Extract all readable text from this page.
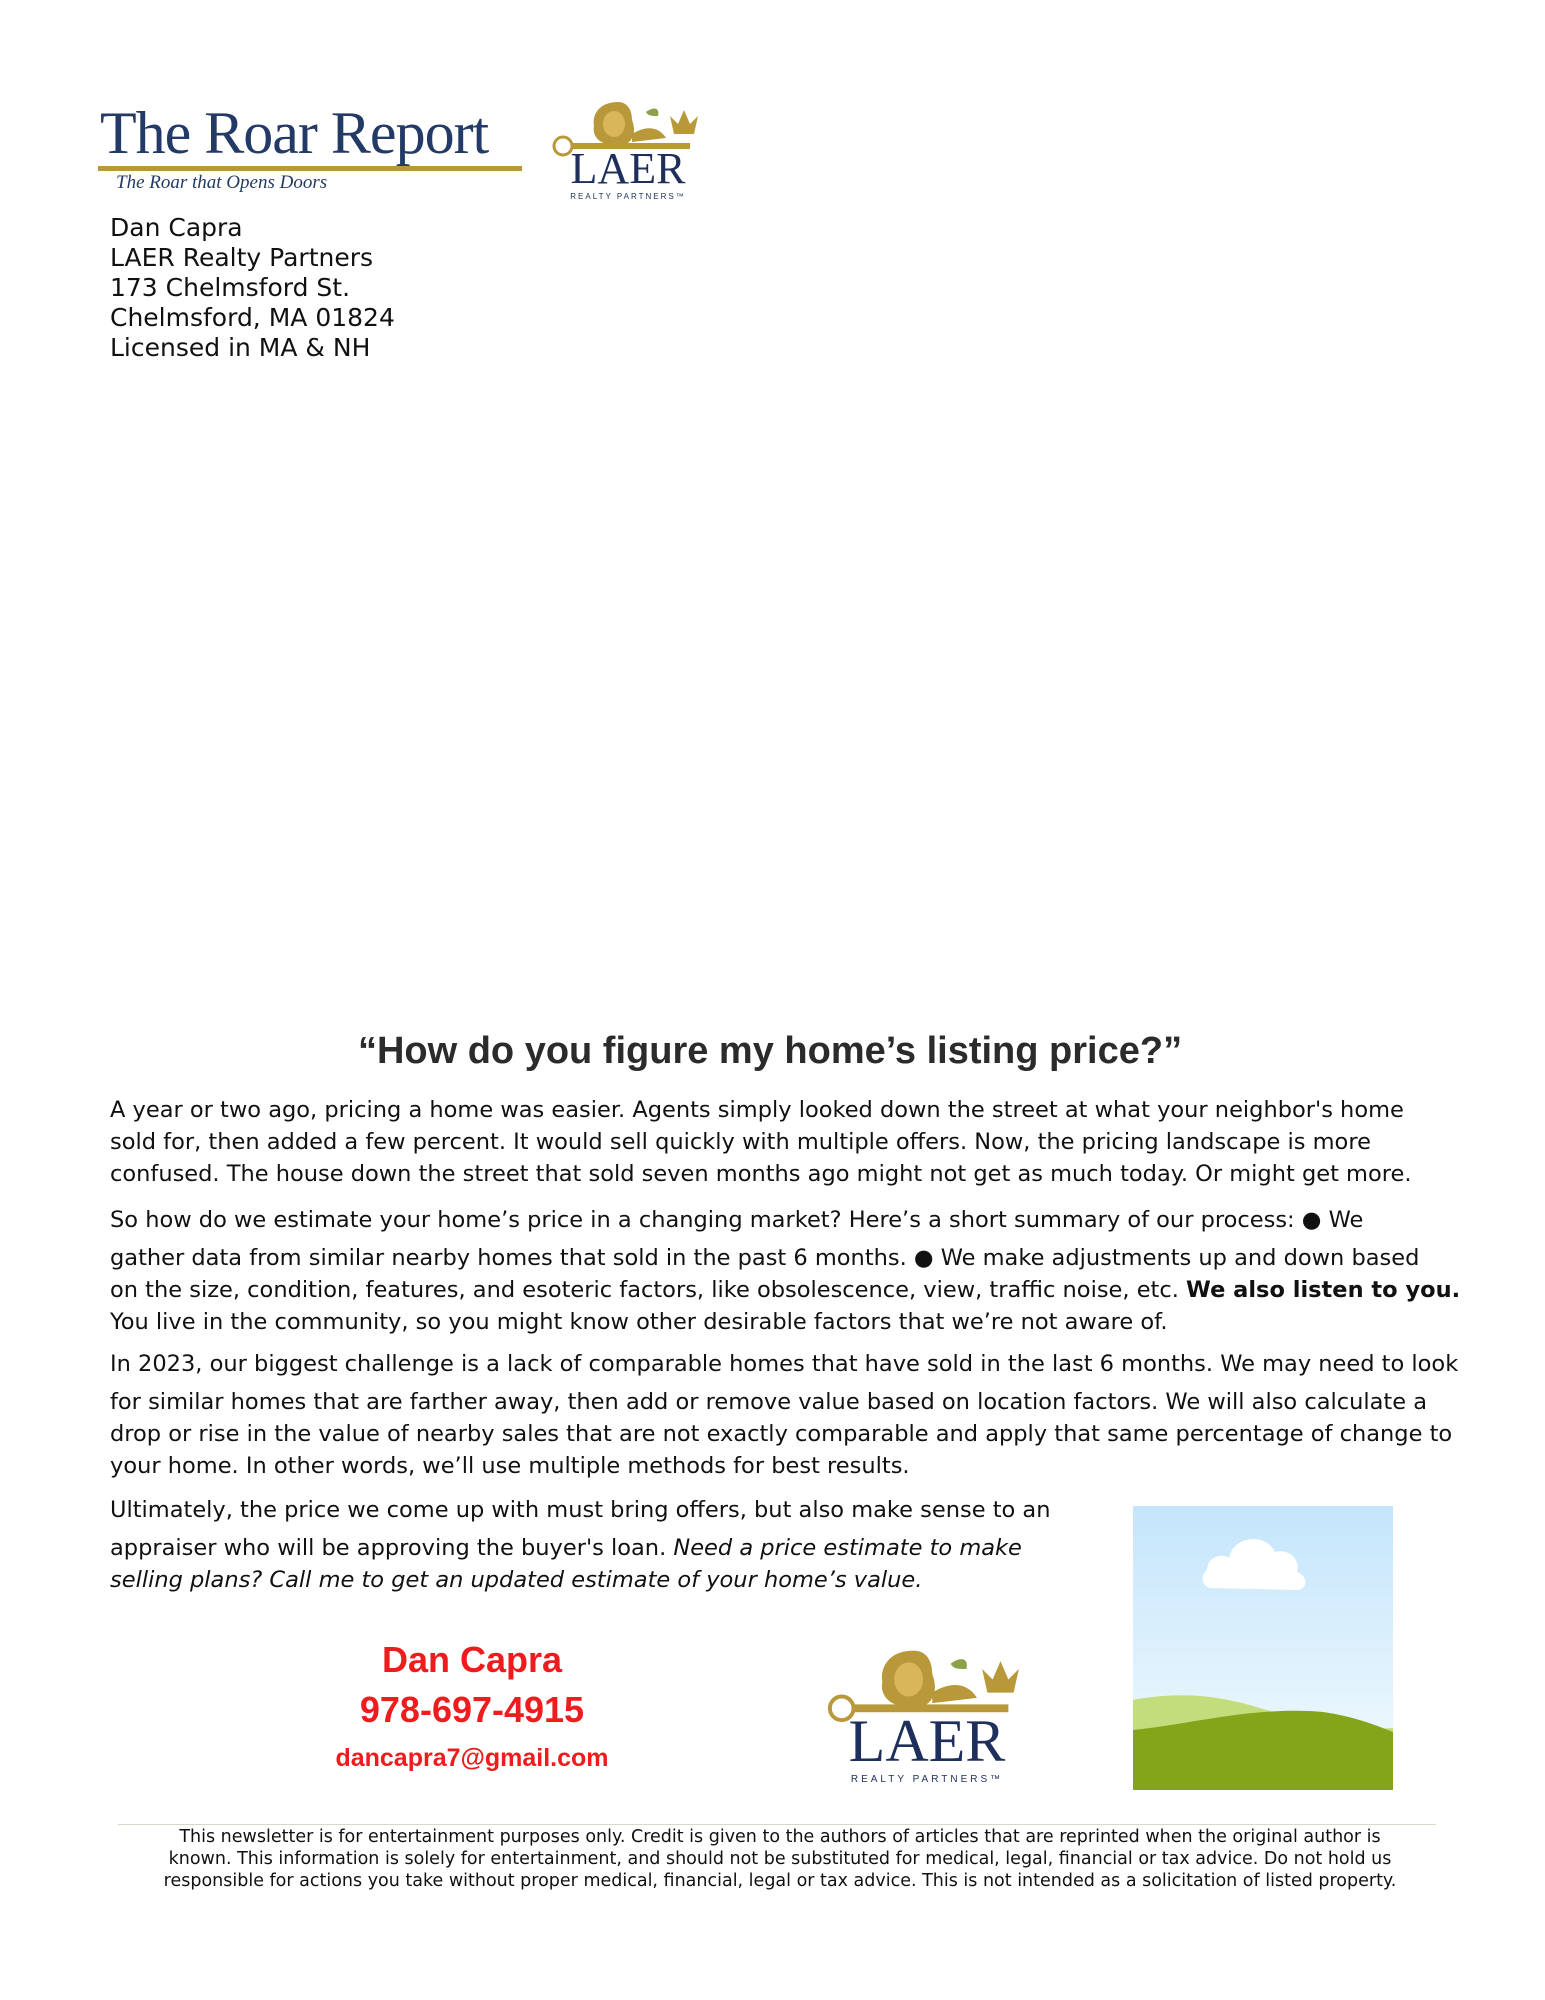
The Roar Report
The Roar that Opens Doors	LAER
REALTY PARTNERS™
Dan Capra
LAER Realty Partners
173 Chelmsford St.
Chelmsford, MA 01824
Licensed in MA & NH
“How do you figure my home’s listing price?”
A year or two ago, pricing a home was easier. Agents simply looked down the street at what your neighbor's home
sold for, then added a few percent. It would sell quickly with multiple offers. Now, the pricing landscape is more
confused. The house down the street that sold seven months ago might not get as much today. Or might get more.
So how do we estimate your home’s price in a changing market? Here’s a short summary of our process: ● We
gather data from similar nearby homes that sold in the past 6 months. ● We make adjustments up and down based
on the size, condition, features, and esoteric factors, like obsolescence, view, traffic noise, etc. We also listen to you.
You live in the community, so you might know other desirable factors that we’re not aware of.
In 2023, our biggest challenge is a lack of comparable homes that have sold in the last 6 months. We may need to look
for similar homes that are farther away, then add or remove value based on location factors. We will also calculate a
drop or rise in the value of nearby sales that are not exactly comparable and apply that same percentage of change to
your home. In other words, we’ll use multiple methods for best results.
Ultimately, the price we come up with must bring offers, but also make sense to an
appraiser who will be approving the buyer's loan. Need a price estimate to make
selling plans? Call me to get an updated estimate of your home’s value.
Dan Capra
978-697-4915
dancapra7@gmail.com	LAER
REALTY PARTNERS™
This newsletter is for entertainment purposes only. Credit is given to the authors of articles that are reprinted when the original author is
known. This information is solely for entertainment, and should not be substituted for medical, legal, financial or tax advice. Do not hold us
responsible for actions you take without proper medical, financial, legal or tax advice. This is not intended as a solicitation of listed property.
